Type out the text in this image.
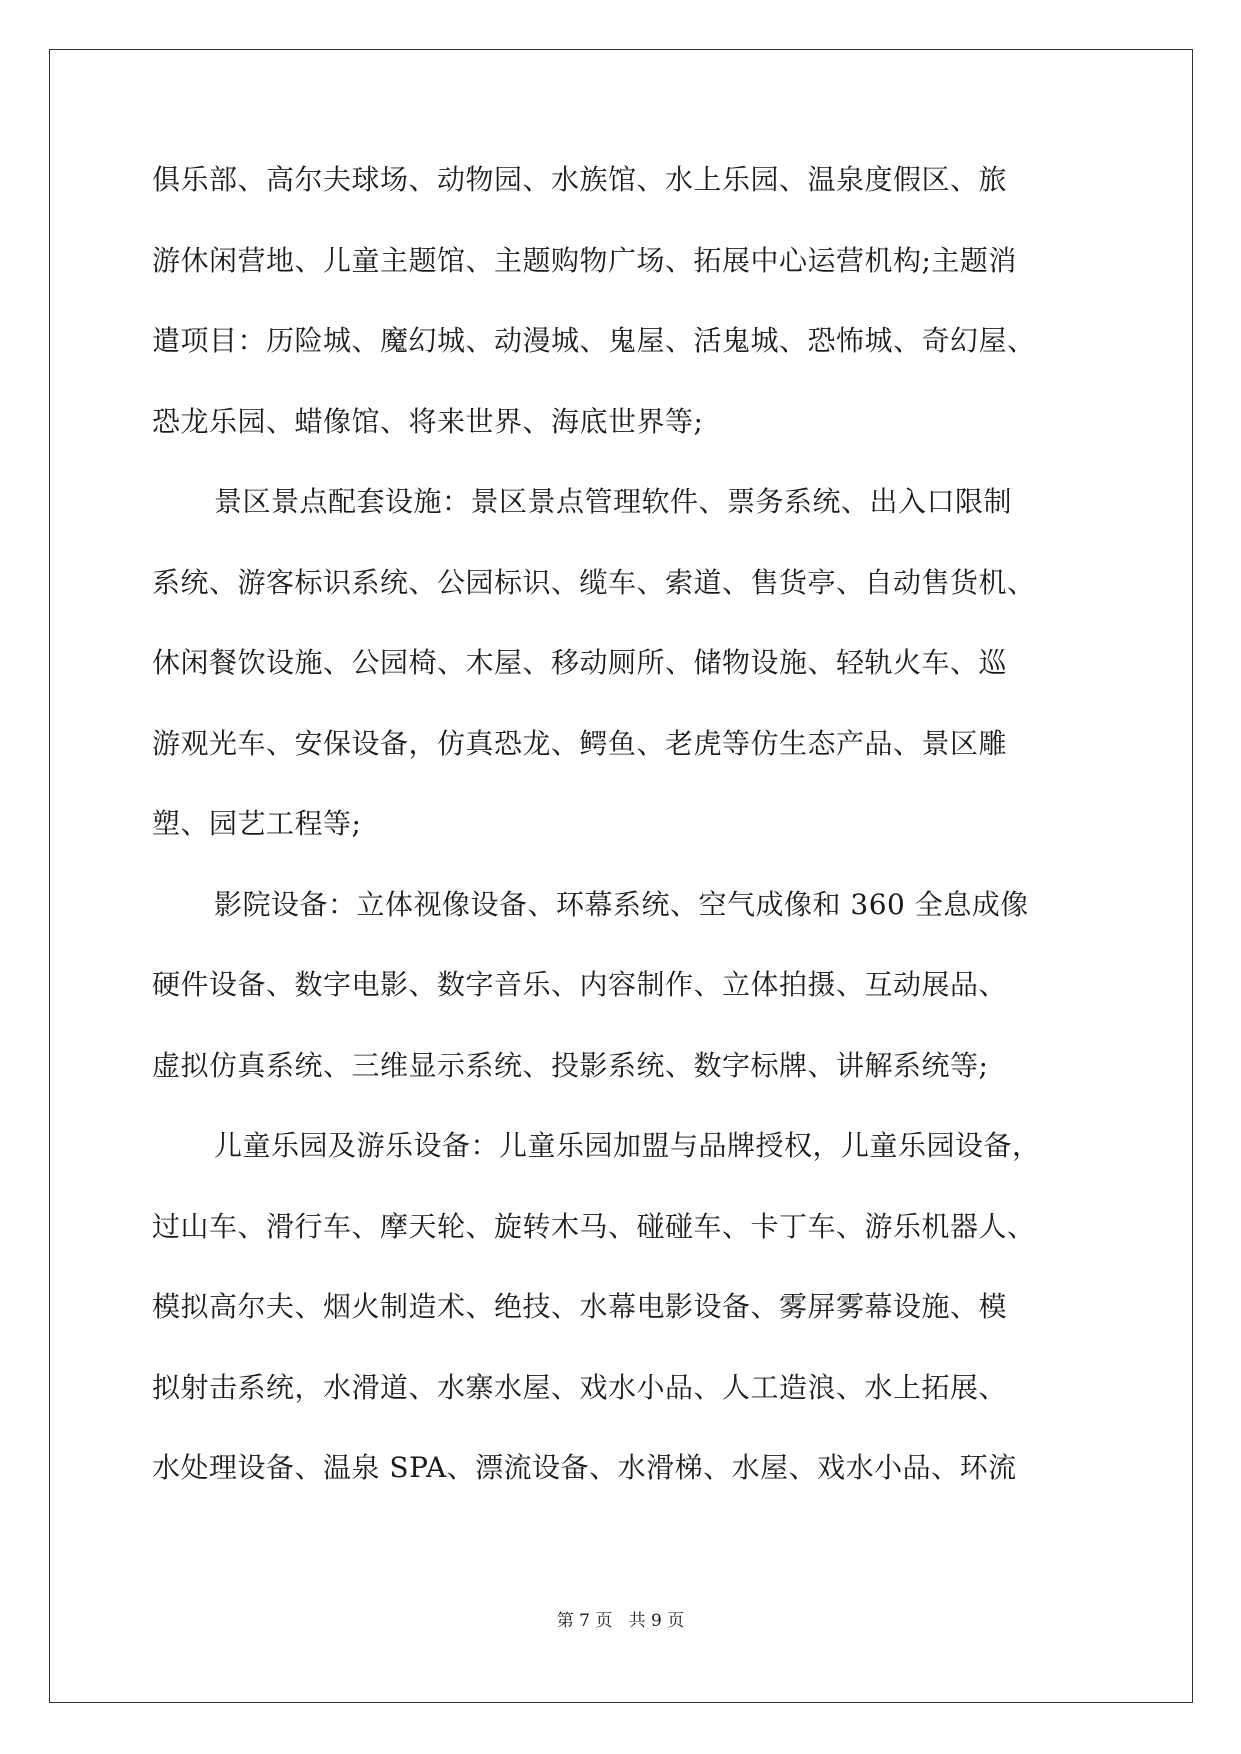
俱乐部、高尔夫球场、动物园、水族馆、水上乐园、温泉度假区、旅
游休闲营地、儿童主题馆、主题购物广场、拓展中心运营机构;主题消
遣项目：历险城、魔幻城、动漫城、鬼屋、活鬼城、恐怖城、奇幻屋、
恐龙乐园、蜡像馆、将来世界、海底世界等;
景区景点配套设施：景区景点管理软件、票务系统、出入口限制
系统、游客标识系统、公园标识、缆车、索道、售货亭、自动售货机、
休闲餐饮设施、公园椅、木屋、移动厕所、储物设施、轻轨火车、巡
游观光车、安保设备，仿真恐龙、鳄鱼、老虎等仿生态产品、景区雕
塑、园艺工程等;
影院设备：立体视像设备、环幕系统、空气成像和 360 全息成像
硬件设备、数字电影、数字音乐、内容制作、立体拍摄、互动展品、
虚拟仿真系统、三维显示系统、投影系统、数字标牌、讲解系统等;
儿童乐园及游乐设备：儿童乐园加盟与品牌授权，儿童乐园设备，
过山车、滑行车、摩天轮、旋转木马、碰碰车、卡丁车、游乐机器人、
模拟高尔夫、烟火制造术、绝技、水幕电影设备、雾屏雾幕设施、模
拟射击系统，水滑道、水寨水屋、戏水小品、人工造浪、水上拓展、
水处理设备、温泉 SPA、漂流设备、水滑梯、水屋、戏水小品、环流
第 7 页   共 9 页
